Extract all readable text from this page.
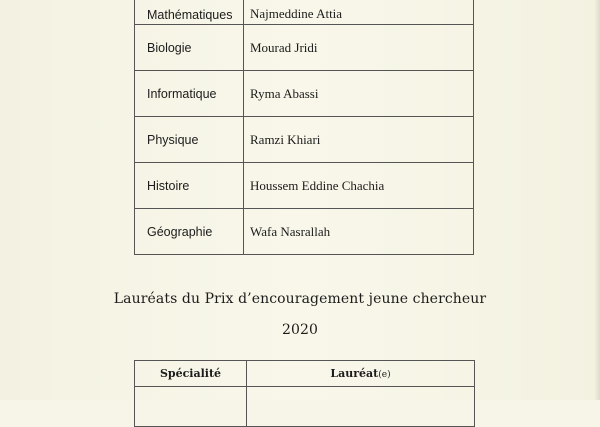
Mathématiques	Najmeddine Attia
Biologie	Mourad Jridi
Informatique	Ryma Abassi
Physique	Ramzi Khiari
Histoire	Houssem Eddine Chachia
Géographie	Wafa Nasrallah
Lauréats du Prix d’encouragement jeune chercheur
2020
Spécialité	Lauréat(e)
